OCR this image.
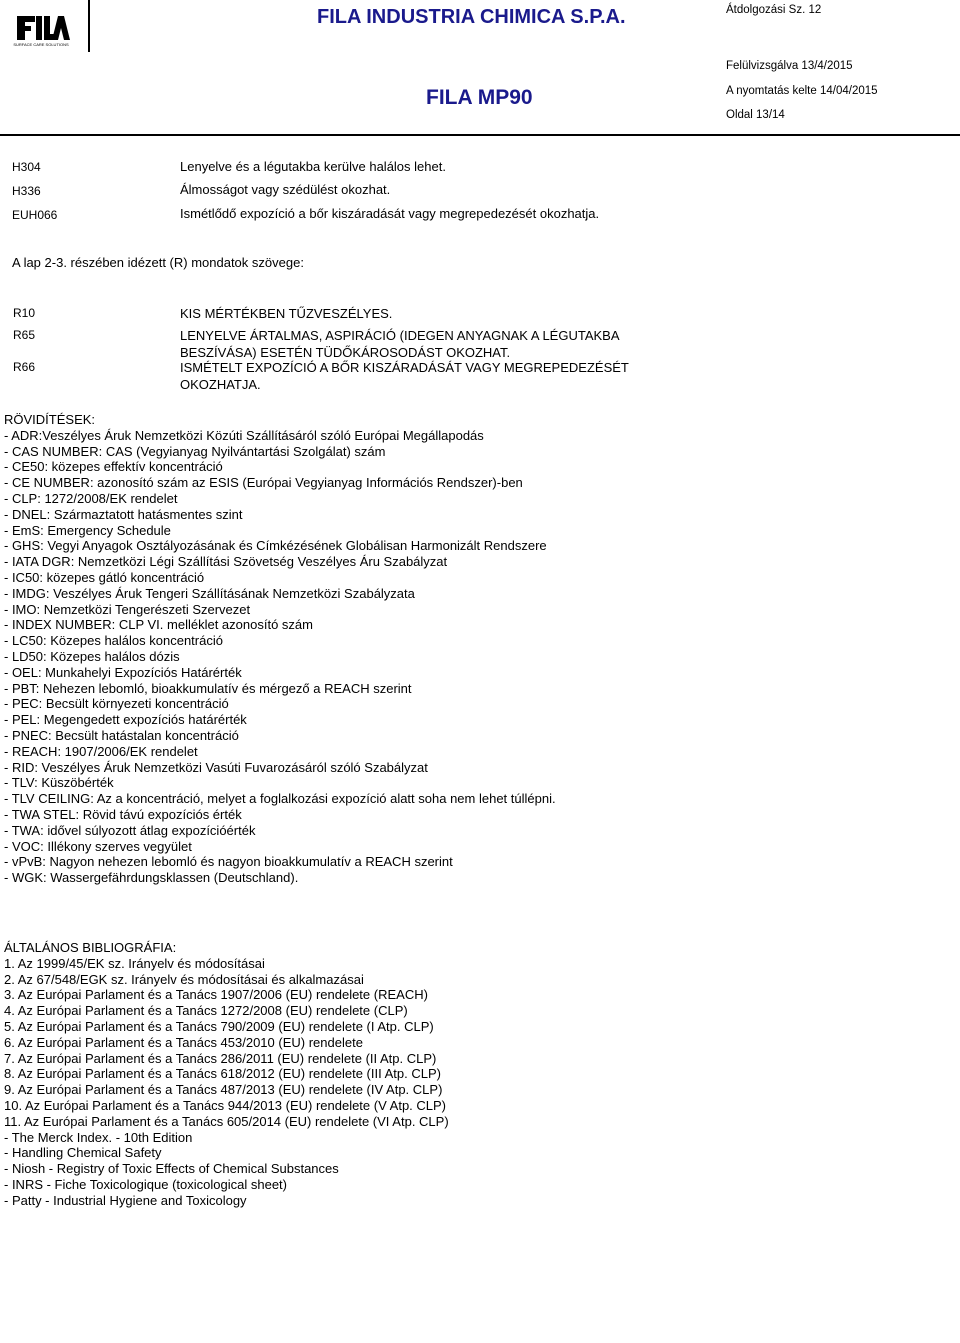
SURFACE CARE SOLUTIONS
FILA INDUSTRIA CHIMICA S.P.A.
FILA MP90
Átdolgozási Sz. 12
Felülvizsgálva 13/4/2015
A nyomtatás kelte 14/04/2015
Oldal 13/14
H304	Lenyelve és a légutakba kerülve halálos lehet.
H336	Álmosságot vagy szédülést okozhat.
EUH066	Ismétlődő expozíció a bőr kiszáradását vagy megrepedezését okozhatja.
A lap 2-3. részében idézett (R) mondatok szövege:
R10	KIS MÉRTÉKBEN TŰZVESZÉLYES.
R65	LENYELVE ÁRTALMAS, ASPIRÁCIÓ (IDEGEN ANYAGNAK A LÉGUTAKBA
BESZÍVÁSA) ESETÉN TÜDŐKÁROSODÁST OKOZHAT.
R66	ISMÉTELT EXPOZÍCIÓ A BŐR KISZÁRADÁSÁT VAGY MEGREPEDEZÉSÉT
OKOZHATJA.
RÖVIDÍTÉSEK:
- ADR:Veszélyes Áruk Nemzetközi Közúti Szállításáról szóló Európai Megállapodás
- CAS NUMBER: CAS (Vegyianyag Nyilvántartási Szolgálat) szám
- CE50: közepes effektív koncentráció
- CE NUMBER: azonosító szám az ESIS (Európai Vegyianyag Információs Rendszer)-ben
- CLP: 1272/2008/EK rendelet
- DNEL: Származtatott hatásmentes szint
- EmS: Emergency Schedule
- GHS: Vegyi Anyagok Osztályozásának és Címkézésének Globálisan Harmonizált Rendszere
- IATA DGR: Nemzetközi Légi Szállítási Szövetség Veszélyes Áru Szabályzat
- IC50: közepes gátló koncentráció
- IMDG: Veszélyes Áruk Tengeri Szállításának Nemzetközi Szabályzata
- IMO: Nemzetközi Tengerészeti Szervezet
- INDEX NUMBER: CLP VI. melléklet azonosító szám
- LC50: Közepes halálos koncentráció
- LD50: Közepes halálos dózis
- OEL: Munkahelyi Expozíciós Határérték
- PBT: Nehezen lebomló, bioakkumulatív és mérgező a REACH szerint
- PEC: Becsült környezeti koncentráció
- PEL: Megengedett expozíciós határérték
- PNEC: Becsült hatástalan koncentráció
- REACH: 1907/2006/EK rendelet
- RID: Veszélyes Áruk Nemzetközi Vasúti Fuvarozásáról szóló Szabályzat
- TLV: Küszöbérték
- TLV CEILING: Az a koncentráció, melyet a foglalkozási expozíció alatt soha nem lehet túllépni.
- TWA STEL: Rövid távú expozíciós érték
- TWA: idővel súlyozott átlag expozícióérték
- VOC: Illékony szerves vegyület
- vPvB: Nagyon nehezen lebomló és nagyon bioakkumulatív a REACH szerint
- WGK: Wassergefährdungsklassen (Deutschland).
ÁLTALÁNOS BIBLIOGRÁFIA:
1. Az 1999/45/EK sz. Irányelv és módosításai
2. Az 67/548/EGK sz. Irányelv és módosításai és alkalmazásai
3. Az Európai Parlament és a Tanács 1907/2006 (EU) rendelete (REACH)
4. Az Európai Parlament és a Tanács 1272/2008 (EU) rendelete (CLP)
5. Az Európai Parlament és a Tanács 790/2009 (EU) rendelete (I Atp. CLP)
6. Az Európai Parlament és a Tanács 453/2010 (EU) rendelete
7. Az Európai Parlament és a Tanács 286/2011 (EU) rendelete (II Atp. CLP)
8. Az Európai Parlament és a Tanács 618/2012 (EU) rendelete (III Atp. CLP)
9. Az Európai Parlament és a Tanács 487/2013 (EU) rendelete (IV Atp. CLP)
10. Az Európai Parlament és a Tanács 944/2013 (EU) rendelete (V Atp. CLP)
11. Az Európai Parlament és a Tanács 605/2014 (EU) rendelete (VI Atp. CLP)
- The Merck Index. - 10th Edition
- Handling Chemical Safety
- Niosh - Registry of Toxic Effects of Chemical Substances
- INRS - Fiche Toxicologique (toxicological sheet)
- Patty - Industrial Hygiene and Toxicology
